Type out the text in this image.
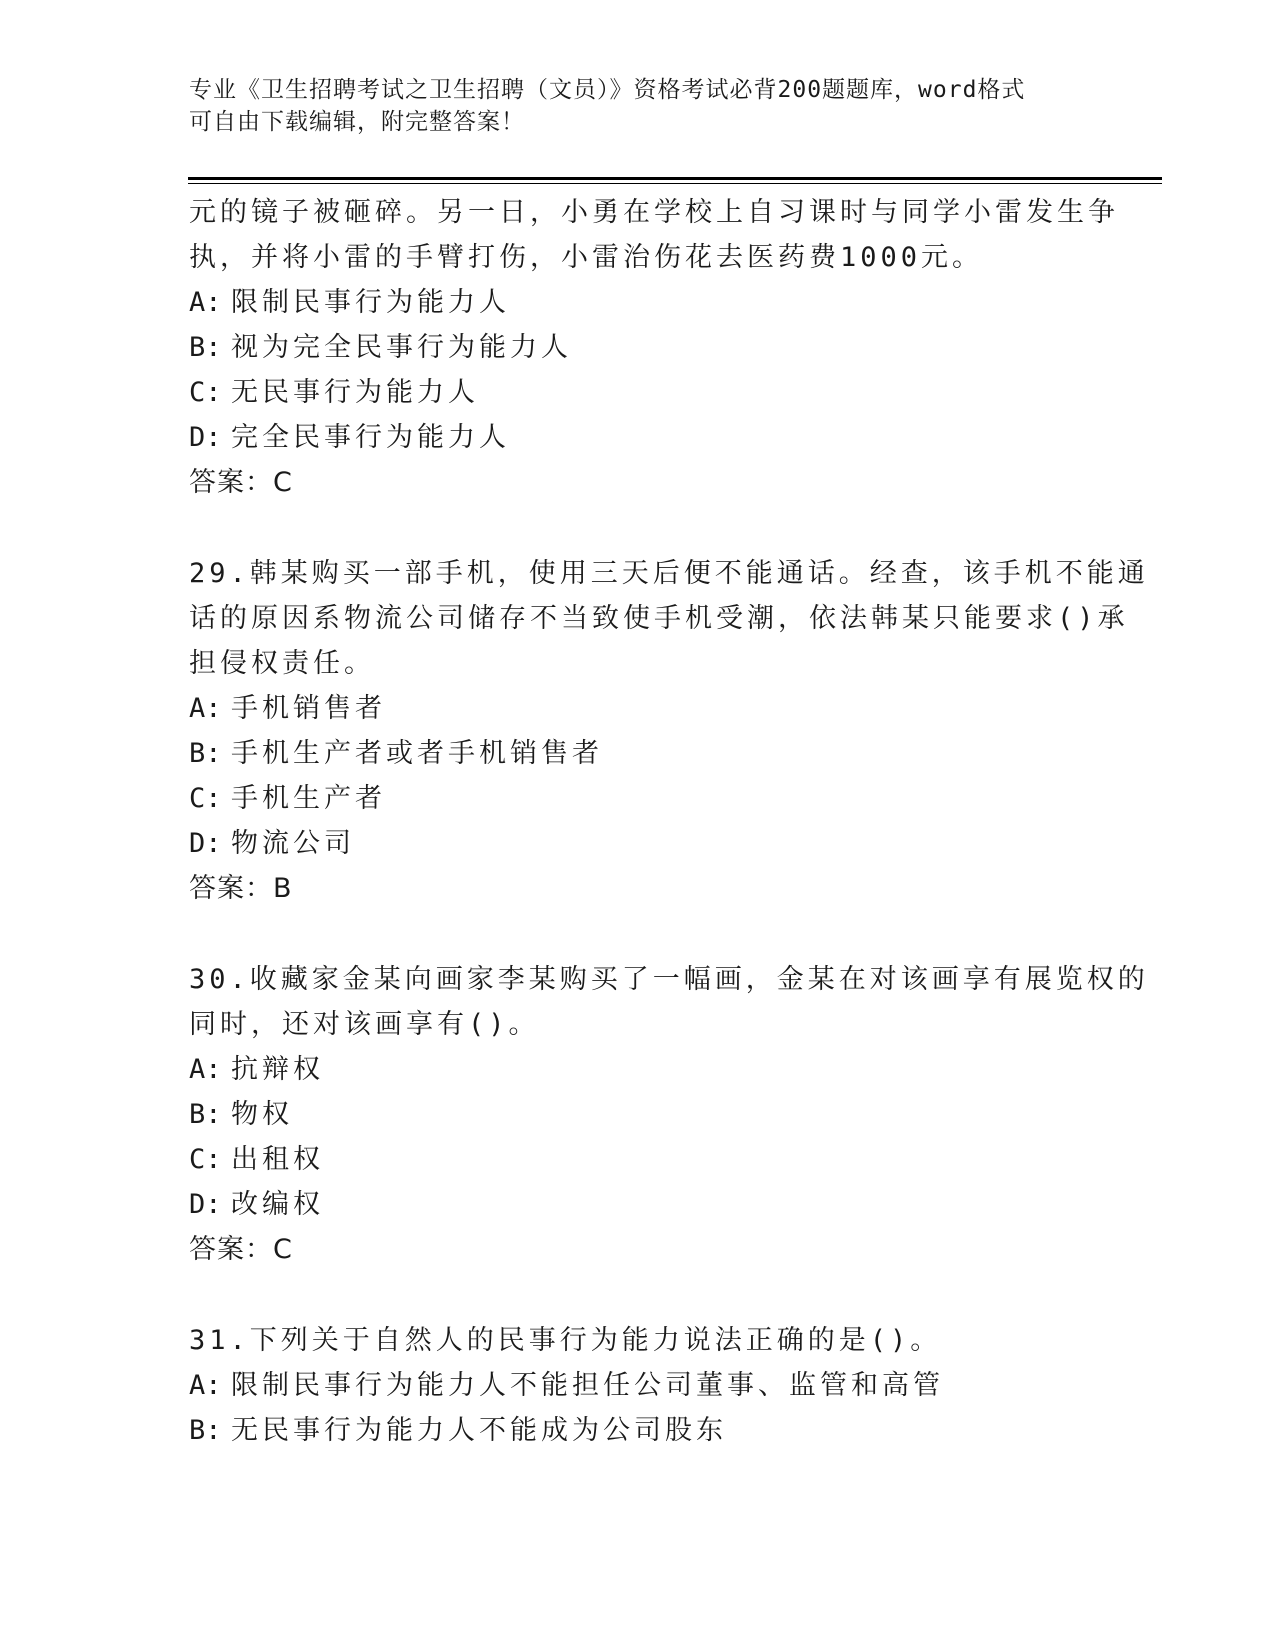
专业《卫生招聘考试之卫生招聘（文员）》资格考试必背200题题库，word格式
可自由下载编辑，附完整答案！
元的镜子被砸碎。另一日，小勇在学校上自习课时与同学小雷发生争
执，并将小雷的手臂打伤，小雷治伤花去医药费1000元。
A: 限制民事行为能力人
B: 视为完全民事行为能力人
C: 无民事行为能力人
D: 完全民事行为能力人
答案：C
29.韩某购买一部手机，使用三天后便不能通话。经查，该手机不能通
话的原因系物流公司储存不当致使手机受潮，依法韩某只能要求()承
担侵权责任。
A: 手机销售者
B: 手机生产者或者手机销售者
C: 手机生产者
D: 物流公司
答案：B
30.收藏家金某向画家李某购买了一幅画，金某在对该画享有展览权的
同时，还对该画享有()。
A: 抗辩权
B: 物权
C: 出租权
D: 改编权
答案：C
31.下列关于自然人的民事行为能力说法正确的是()。
A: 限制民事行为能力人不能担任公司董事、监管和高管
B: 无民事行为能力人不能成为公司股东
